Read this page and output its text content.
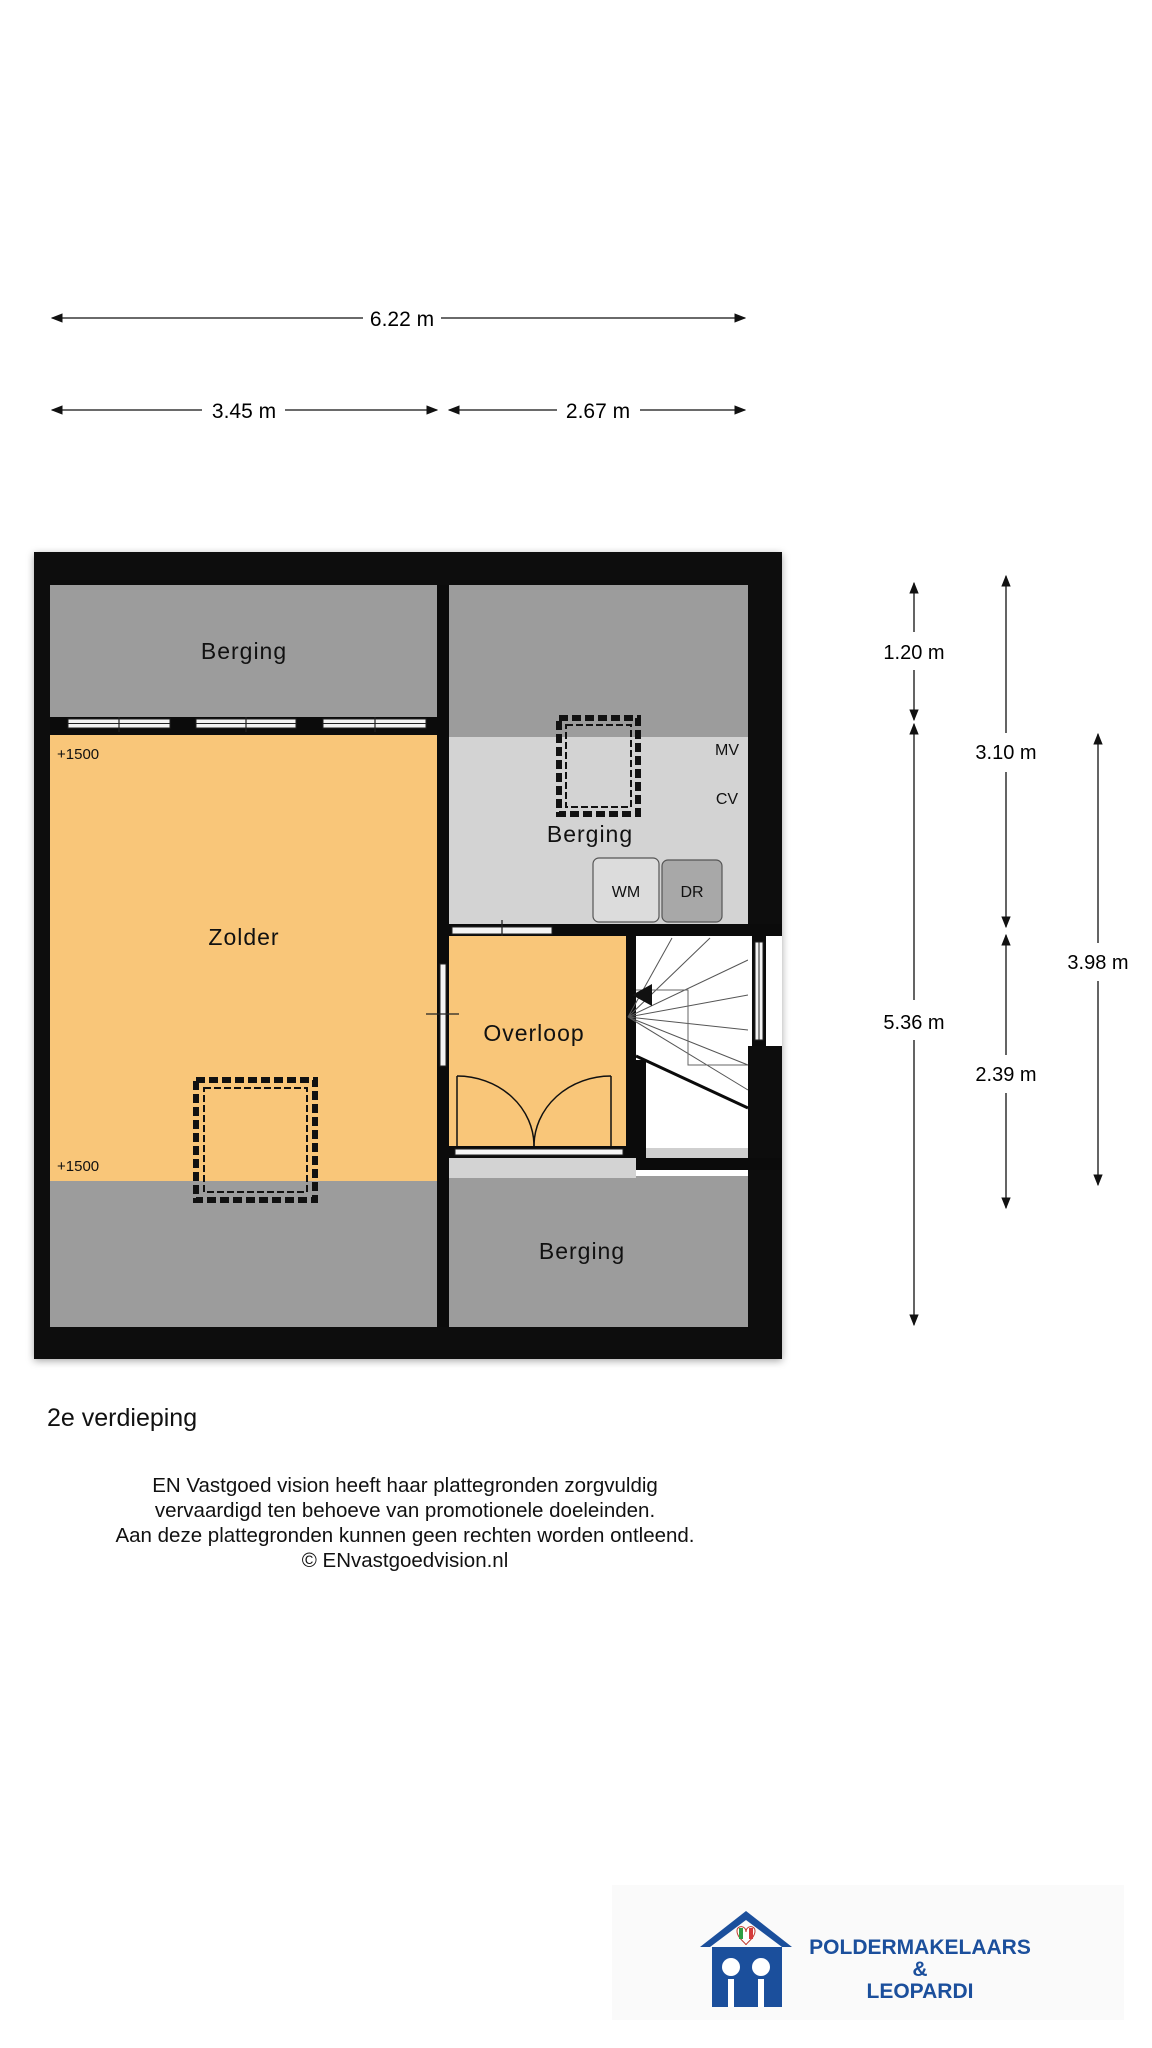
6.22 m
3.45 m	2.67 m
WM	DR
Berging
Zolder
Berging
Overloop
Berging
+1500
+1500
MV
CV
1.20 m
5.36 m
3.10 m
2.39 m
3.98 m
2e verdieping
EN Vastgoed vision heeft haar plattegronden zorgvuldig
vervaardigd ten behoeve van promotionele doeleinden.
Aan deze plattegronden kunnen geen rechten worden ontleend.
© ENvastgoedvision.nl
POLDERMAKELAARS
&
LEOPARDI
